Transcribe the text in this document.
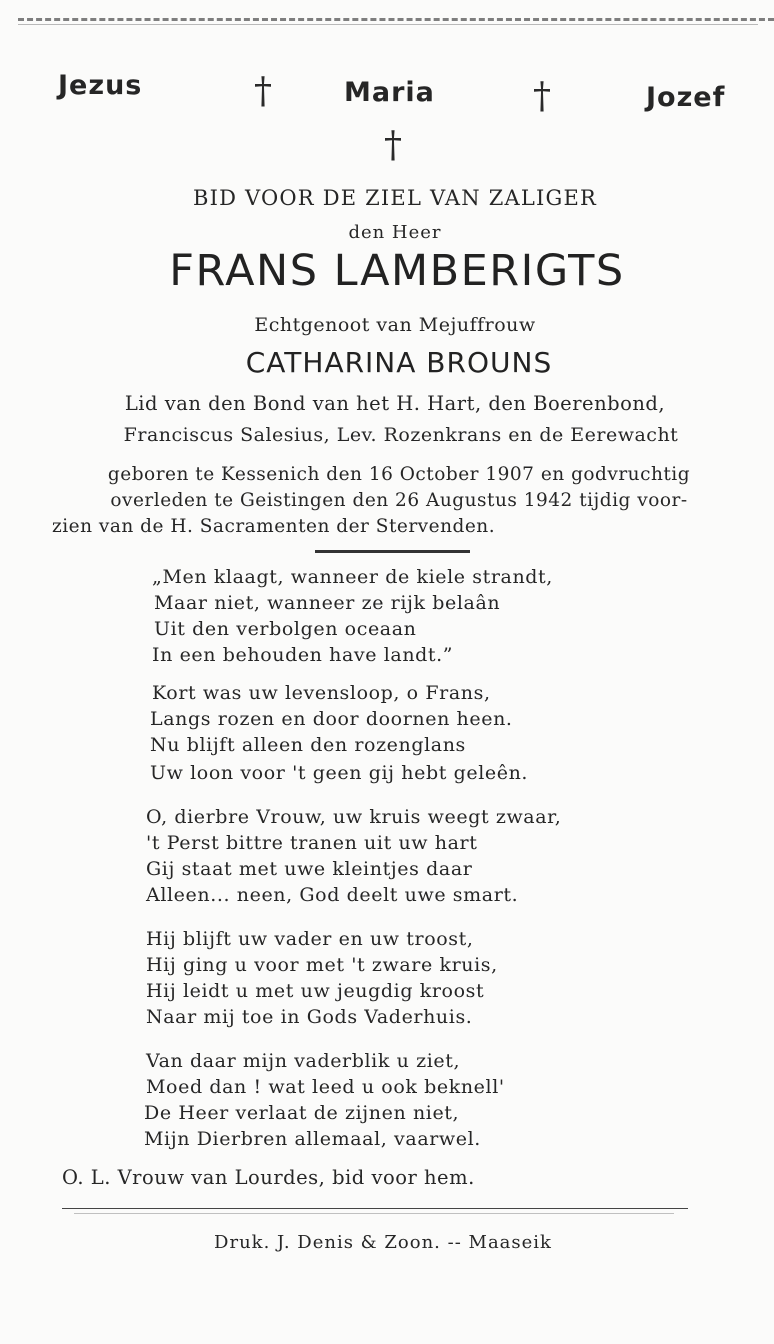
Jezus	†	Maria	†	Jozef
†
BID VOOR DE ZIEL VAN ZALIGER
den Heer
FRANS LAMBERIGTS
Echtgenoot van Mejuffrouw
CATHARINA BROUNS
Lid van den Bond van het H. Hart, den Boerenbond,
Franciscus Salesius, Lev. Rozenkrans en de Eerewacht
geboren te Kessenich den 16 October 1907 en godvruchtig
overleden te Geistingen den 26 Augustus 1942 tijdig voor-
zien van de H. Sacramenten der Stervenden.
„Men klaagt, wanneer de kiele strandt,
Maar niet, wanneer ze rijk belaân
Uit den verbolgen oceaan
In een behouden have landt.”
Kort was uw levensloop, o Frans,
Langs rozen en door doornen heen.
Nu blijft alleen den rozenglans
Uw loon voor 't geen gij hebt geleên.
O, dierbre Vrouw, uw kruis weegt zwaar,
't Perst bittre tranen uit uw hart
Gij staat met uwe kleintjes daar
Alleen... neen, God deelt uwe smart.
Hij blijft uw vader en uw troost,
Hij ging u voor met 't zware kruis,
Hij leidt u met uw jeugdig kroost
Naar mij toe in Gods Vaderhuis.
Van daar mijn vaderblik u ziet,
Moed dan ! wat leed u ook beknell'
De Heer verlaat de zijnen niet,
Mijn Dierbren allemaal, vaarwel.
O. L. Vrouw van Lourdes, bid voor hem.
Druk. J. Denis & Zoon. -- Maaseik
